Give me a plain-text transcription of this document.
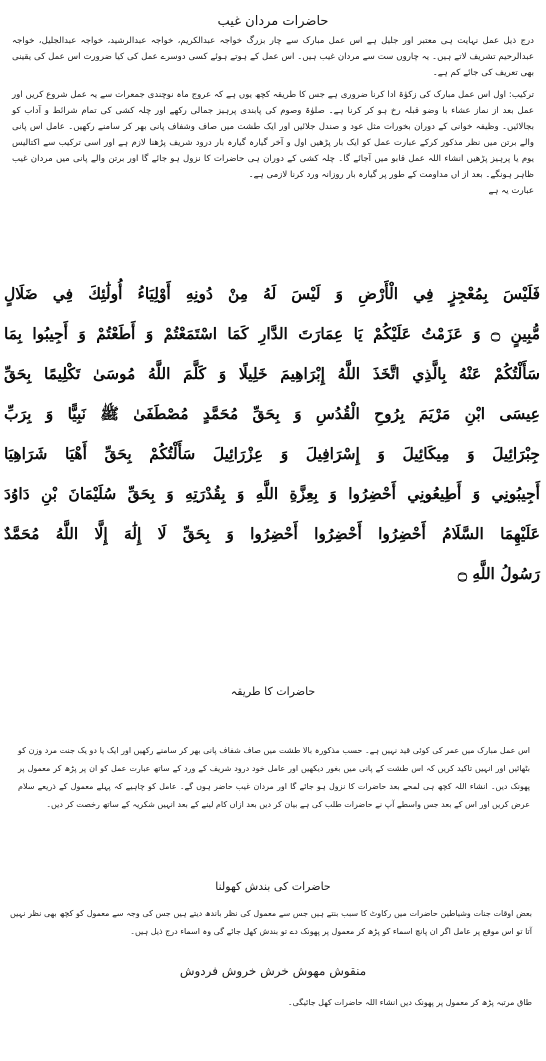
حاضرات مردان غیب
درج ذیل عمل نہایت ہی معتبر اور جلیل ہے اس عمل مبارک سے چار بزرگ خواجہ عبدالکریم، خواجہ عبدالرشید، خواجہ عبدالجلیل، خواجہ عبدالرحیم تشریف لاتے ہیں۔ یہ چاروں ست سے مردان غیب ہیں۔ اس عمل کے ہوتے ہوئے کسی دوسرے عمل کی کیا ضرورت اس عمل کی یقینی بھی تعریف کی جائے کم ہے۔
ترکیب: اول اس عمل مبارک کی زکوٰۃ ادا کرنا ضروری ہے جس کا طریقہ کچھ یوں ہے کہ عروج ماہ نوچندی جمعرات سے یہ عمل شروع کریں اور عمل بعد از نماز عشاء با وضو قبلہ رخ ہو کر کرنا ہے۔ صلوٰۃ وصوم کی پابندی پرہیز جمالی رکھے اور چلہ کشی کی تمام شرائط و آداب کو بجالائیں۔ وظیفہ خوانی کے دوران بخورات مثل عود و صندل جلائیں اور ایک طشت میں صاف وشفاف پانی بھر کر سامنے رکھیں۔ عامل اس پانی والے برتن میں نظر مذکور کرکے عبارت عمل کو ایک بار پڑھیں اول و آخر گیارہ گیارہ بار درود شریف پڑھنا لازم ہے اور اسی ترکیب سے اکتالیس یوم یا پرہیز پڑھیں انشاء اللہ عمل قابو میں آجائے گا۔ چلہ کشی کے دوران ہی حاضرات کا نزول ہو جائے گا اور برتن والے پانی میں مردان غیب ظاہر ہونگے۔ بعد از اں مداومت کے طور پر گیارہ بار روزانہ ورد کرنا لازمی ہے۔
عبارت یہ ہے
فَلَيْسَ بِمُعْجِزٍ فِي الْأَرْضِ وَ لَيْسَ لَهُ مِنْ دُونِهِ أَوْلِيَاءُ أُولَٰئِكَ فِي ضَلَالٍ
مُّبِينٍ ۝ وَ عَزَمْتُ عَلَيْكُمْ يَا عِمَارَتَ الدَّارِ كَمَا اسْتَمَعْتُمْ وَ أَطَعْتُمْ وَ أَجِيبُوا بِمَا
سَأَلْتُكُمْ عَنْهُ بِالَّذِي اتَّخَذَ اللَّهُ إِبْرَاهِيمَ خَلِيلًا وَ كَلَّمَ اللَّهُ مُوسَىٰ تَكْلِيمًا بِحَقِّ
عِيسَى ابْنِ مَرْيَمَ بِرُوحِ الْقُدُسِ وَ بِحَقِّ مُحَمَّدٍ مُصْطَفَىٰ ﷺ نَبِيًّا وَ بِرَبِّ
جِبْرَائِيلَ وَ مِيكَائِيلَ وَ إِسْرَافِيلَ وَ عِزْرَائِيلَ سَأَلْتُكُمْ بِحَقِّ أَهْيَا شَرَاهِيَا
أَجِيبُونِي وَ أَطِيعُونِي أَحْضِرُوا وَ بِعِزَّةِ اللَّهِ وَ بِقُدْرَتِهِ وَ بِحَقِّ سُلَيْمَانَ بْنِ دَاوُدَ
عَلَيْهِمَا السَّلَامُ أَحْضِرُوا أَحْضِرُوا أَحْضِرُوا وَ بِحَقِّ لَا إِلَٰهَ إِلَّا اللَّهُ مُحَمَّدٌ
رَسُولُ اللَّهِ ۝
حاضرات کا طریقہ
اس عمل مبارک میں عمر کی کوئی قید نہیں ہے۔ حسب مذکورہ بالا طشت میں صاف شفاف پانی بھر کر سامنے رکھیں اور ایک یا دو یک جنت مرد وزن کو بٹھائیں اور انہیں تاکید کریں کہ اس طشت کے پانی میں بغور دیکھیں اور عامل خود درود شریف کے ورد کے ساتھ عبارت عمل کو ان پر پڑھ کر معمول پر پھونک دیں۔ انشاء اللہ کچھ ہی لمحے بعد حاضرات کا نزول ہو جائے گا اور مردان غیب حاضر ہوں گے۔ عامل کو چاہیے کہ پہلے معمول کے ذریعے سلام عرض کریں اور اس کے بعد جس واسطے آپ نے حاضرات طلب کی ہے بیان کر دیں بعد ازاں کام لینے کے بعد انہیں شکریہ کے ساتھ رخصت کر دیں۔
حاضرات کی بندش کھولنا
بعض اوقات جنات وشیاطین حاضرات میں رکاوٹ کا سبب بنتے ہیں جس سے معمول کی نظر باندھ دیتے ہیں جس کی وجہ سے معمول کو کچھ بھی نظر نہیں آتا تو اس موقع پر عامل اگر ان پانچ اسماء کو پڑھ کر معمول پر پھونک دے تو بندش کھل جائے گی وہ اسماء درج ذیل ہیں۔
منقوش مھوش خرش خروش فردوش
طاق مرتبہ پڑھ کر معمول پر پھونک دیں انشاء اللہ حاضرات کھل جائیگی۔
